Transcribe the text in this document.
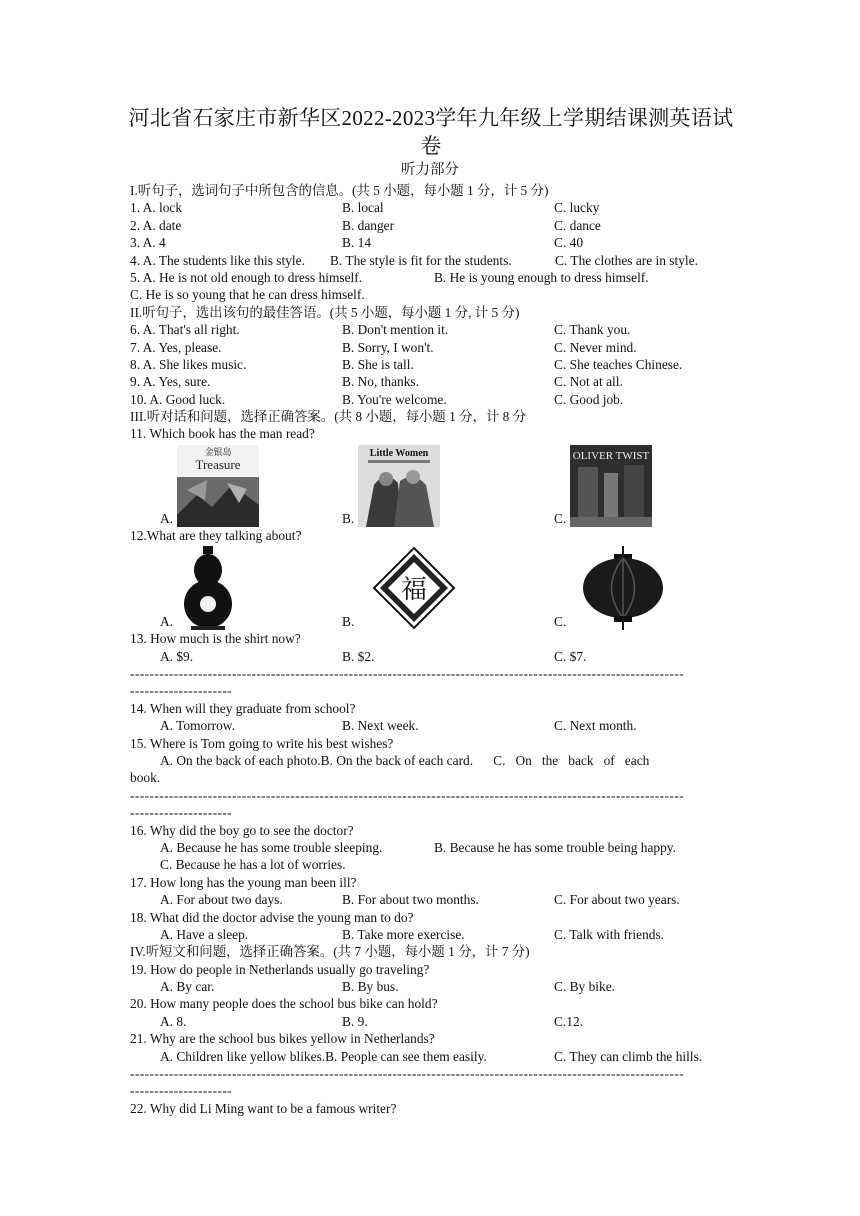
河北省石家庄市新华区2022-2023学年九年级上学期结课测英语试卷
听力部分
I.听句子，选词句子中所包含的信息。(共 5 小题，每小题 1 分，计 5 分)
1. A. lock	B. local	C. lucky
2. A. date	B. danger	C. dance
3. A. 4	B. 14	C. 40
4. A. The students like this style.	B. The style is fit for the students.	C. The clothes are in style.
5. A. He is not old enough to dress himself.	B. He is young enough to dress himself.
C. He is so young that he can dress himself.
II.听句子，选出该句的最佳答语。(共 5 小题，每小题 1 分, 计 5 分)
6. A. That's all right.	B. Don't mention it.	C. Thank you.
7. A. Yes, please.	B. Sorry, I won't.	C. Never mind.
8. A. She likes music.	B. She is tall.	C. She teaches Chinese.
9. A. Yes, sure.	B. No, thanks.	C. Not at all.
10. A. Good luck.	B. You're welcome.	C. Good job.
III.听对话和问题，选择正确答案。(共 8 小题，每小题 1 分，计 8 分
11. Which book has the man read?
A.
金银岛
Treasure
B.
Little Women
C.
OLIVER TWIST
12.What are they talking about?
A.	B.
福
C.
13. How much is the shirt now?
A. $9.	B. $2.	C. $7.
------------------------------------------------------------------------------------------------------------------
---------------------
14. When will they graduate from school?
A. Tomorrow.	B. Next week.	C. Next month.
15. Where is Tom going to write his best wishes?
A. On the back of each photo.B. On the back of each card.      C.   On   the   back   of   each
book.
------------------------------------------------------------------------------------------------------------------
---------------------
16. Why did the boy go to see the doctor?
A. Because he has some trouble sleeping.	B. Because he has some trouble being happy.
C. Because he has a lot of worries.
17. How long has the young man been ill?
A. For about two days.	B. For about two months.	C. For about two years.
18. What did the doctor advise the young man to do?
A. Have a sleep.	B. Take more exercise.	C. Talk with friends.
IV.听短文和问题，选择正确答案。(共 7 小题，每小题 1 分，计 7 分)
19. How do people in Netherlands usually go traveling?
A. By car.	B. By bus.	C. By bike.
20. How many people does the school bus bike can hold?
A. 8.	B. 9.	C.12.
21. Why are the school bus bikes yellow in Netherlands?
A. Children like yellow blikes.B. People can see them easily.	C. They can climb the hills.
------------------------------------------------------------------------------------------------------------------
---------------------
22. Why did Li Ming want to be a famous writer?
